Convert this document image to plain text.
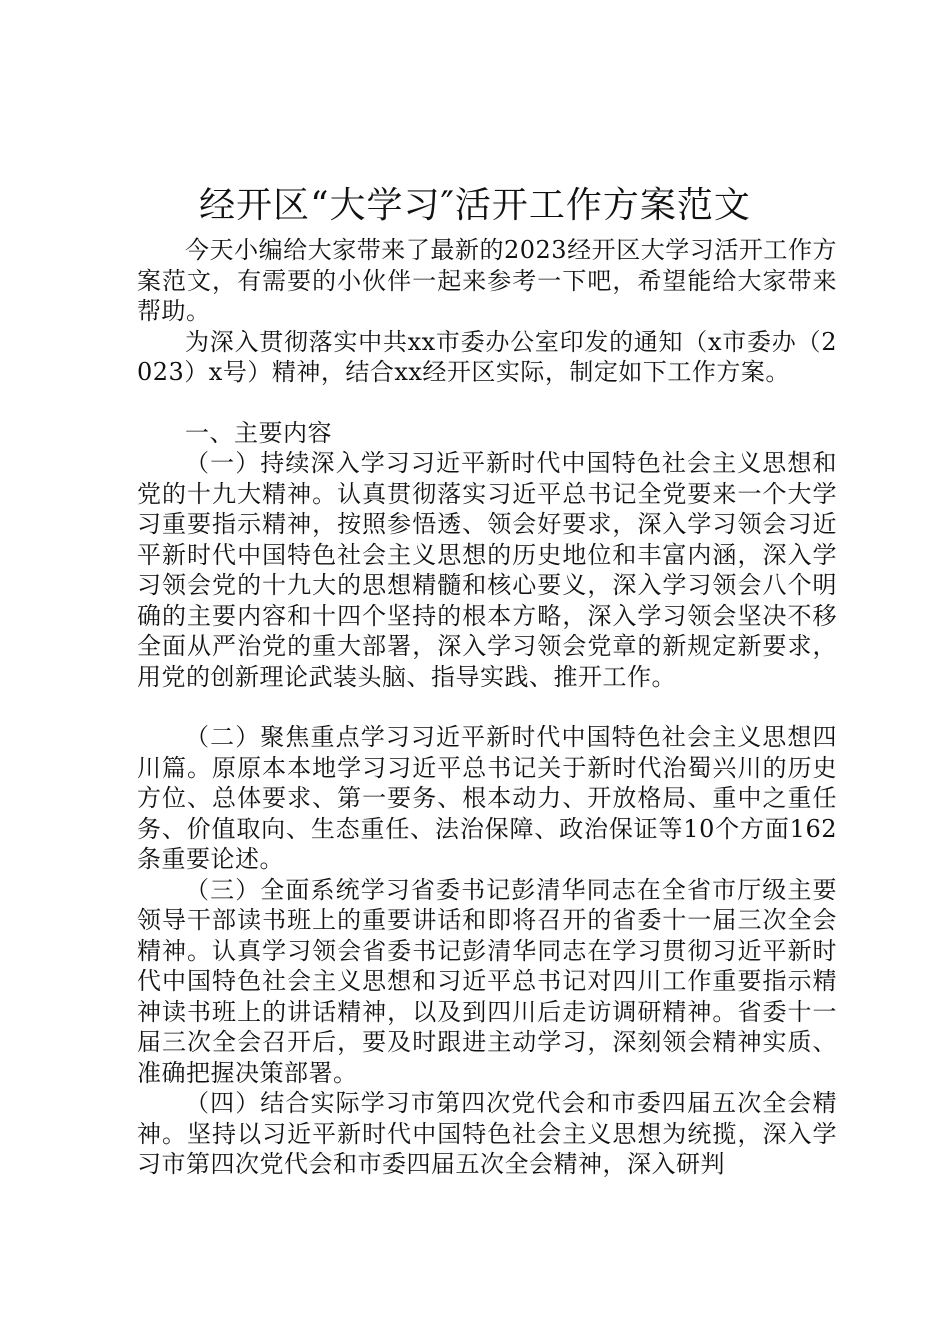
经开区“大学习″活开工作方案范文

今天小编给大家带来了最新的2023经开区大学习活开工作方案范文，有需要的小伙伴一起来参考一下吧，希望能给大家带来帮助。

为深入贯彻落实中共xx市委办公室印发的通知（x市委办（2023）x号）精神，结合xx经开区实际，制定如下工作方案。

一、主要内容

（一）持续深入学习习近平新时代中国特色社会主义思想和党的十九大精神。认真贯彻落实习近平总书记全党要来一个大学习重要指示精神，按照参悟透、领会好要求，深入学习领会习近平新时代中国特色社会主义思想的历史地位和丰富内涵，深入学习领会党的十九大的思想精髓和核心要义，深入学习领会八个明确的主要内容和十四个坚持的根本方略，深入学习领会坚决不移全面从严治党的重大部署，深入学习领会党章的新规定新要求，用党的创新理论武装头脑、指导实践、推开工作。

（二）聚焦重点学习习近平新时代中国特色社会主义思想四川篇。原原本本地学习习近平总书记关于新时代治蜀兴川的历史方位、总体要求、第一要务、根本动力、开放格局、重中之重任务、价值取向、生态重任、法治保障、政治保证等10个方面162条重要论述。

（三）全面系统学习省委书记彭清华同志在全省市厅级主要领导干部读书班上的重要讲话和即将召开的省委十一届三次全会精神。认真学习领会省委书记彭清华同志在学习贯彻习近平新时代中国特色社会主义思想和习近平总书记对四川工作重要指示精神读书班上的讲话精神，以及到四川后走访调研精神。省委十一届三次全会召开后，要及时跟进主动学习，深刻领会精神实质、准确把握决策部署。

（四）结合实际学习市第四次党代会和市委四届五次全会精神。坚持以习近平新时代中国特色社会主义思想为统揽，深入学习市第四次党代会和市委四届五次全会精神，深入研判
